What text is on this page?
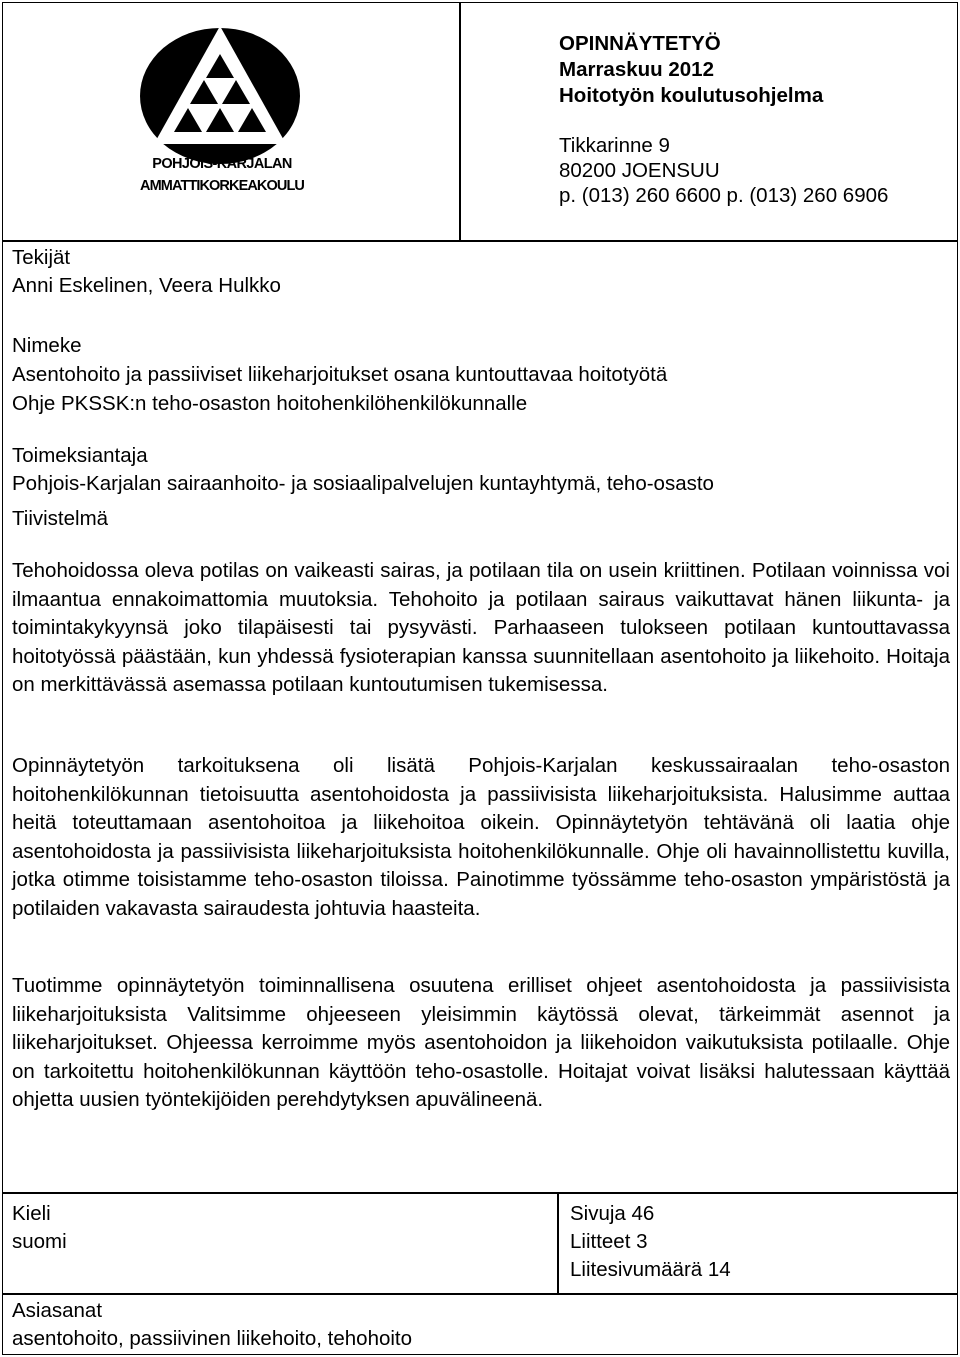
POHJOIS-KARJALAN
AMMATTIKORKEAKOULU
OPINNÄYTETYÖ
Marraskuu 2012
Hoitotyön koulutusohjelma
Tikkarinne 9
80200 JOENSUU
p. (013) 260 6600 p. (013) 260 6906
Tekijät
Anni Eskelinen, Veera Hulkko
Nimeke
Asentohoito ja passiiviset liikeharjoitukset osana kuntouttavaa hoitotyötä
Ohje PKSSK:n teho-osaston hoitohenkilöhenkilökunnalle
Toimeksiantaja
Pohjois-Karjalan sairaanhoito- ja sosiaalipalvelujen kuntayhtymä, teho-osasto
Tiivistelmä

Tehohoidossa oleva potilas on vaikeasti sairas, ja potilaan tila on usein kriittinen. Potilaan voinnissa voi ilmaantua ennakoimattomia muutoksia. Tehohoito ja potilaan sairaus vaikuttavat hänen liikunta- ja toimintakykyynsä joko tilapäisesti tai pysyvästi. Parhaaseen tulokseen potilaan kuntouttavassa hoitotyössä päästään, kun yhdessä fysioterapian kanssa suunnitellaan asentohoito ja liikehoito. Hoitaja on merkittävässä asemassa potilaan kuntoutumisen tukemisessa.

Opinnäytetyön tarkoituksena oli lisätä Pohjois-Karjalan keskussairaalan teho-osaston hoitohenkilökunnan tietoisuutta asentohoidosta ja passiivisista liikeharjoituksista. Halusimme auttaa heitä toteuttamaan asentohoitoa ja liikehoitoa oikein. Opinnäytetyön tehtävänä oli laatia ohje asentohoidosta ja passiivisista liikeharjoituksista hoitohenkilökunnalle. Ohje oli havainnollistettu kuvilla, jotka otimme toisistamme teho-osaston tiloissa. Painotimme työssämme teho-osaston ympäristöstä ja potilaiden vakavasta sairaudesta johtuvia haasteita.

Tuotimme opinnäytetyön toiminnallisena osuutena erilliset ohjeet asentohoidosta ja passiivisista liikeharjoituksista Valitsimme ohjeeseen yleisimmin käytössä olevat, tärkeimmät asennot ja liikeharjoitukset. Ohjeessa kerroimme myös asentohoidon ja liikehoidon vaikutuksista potilaalle. Ohje on tarkoitettu hoitohenkilökunnan käyttöön teho-osastolle. Hoitajat voivat lisäksi halutessaan käyttää ohjetta uusien työntekijöiden perehdytyksen apuvälineenä.

Kieli
suomi
Sivuja 46
Liitteet 3
Liitesivumäärä 14
Asiasanat
asentohoito, passiivinen liikehoito, tehohoito
